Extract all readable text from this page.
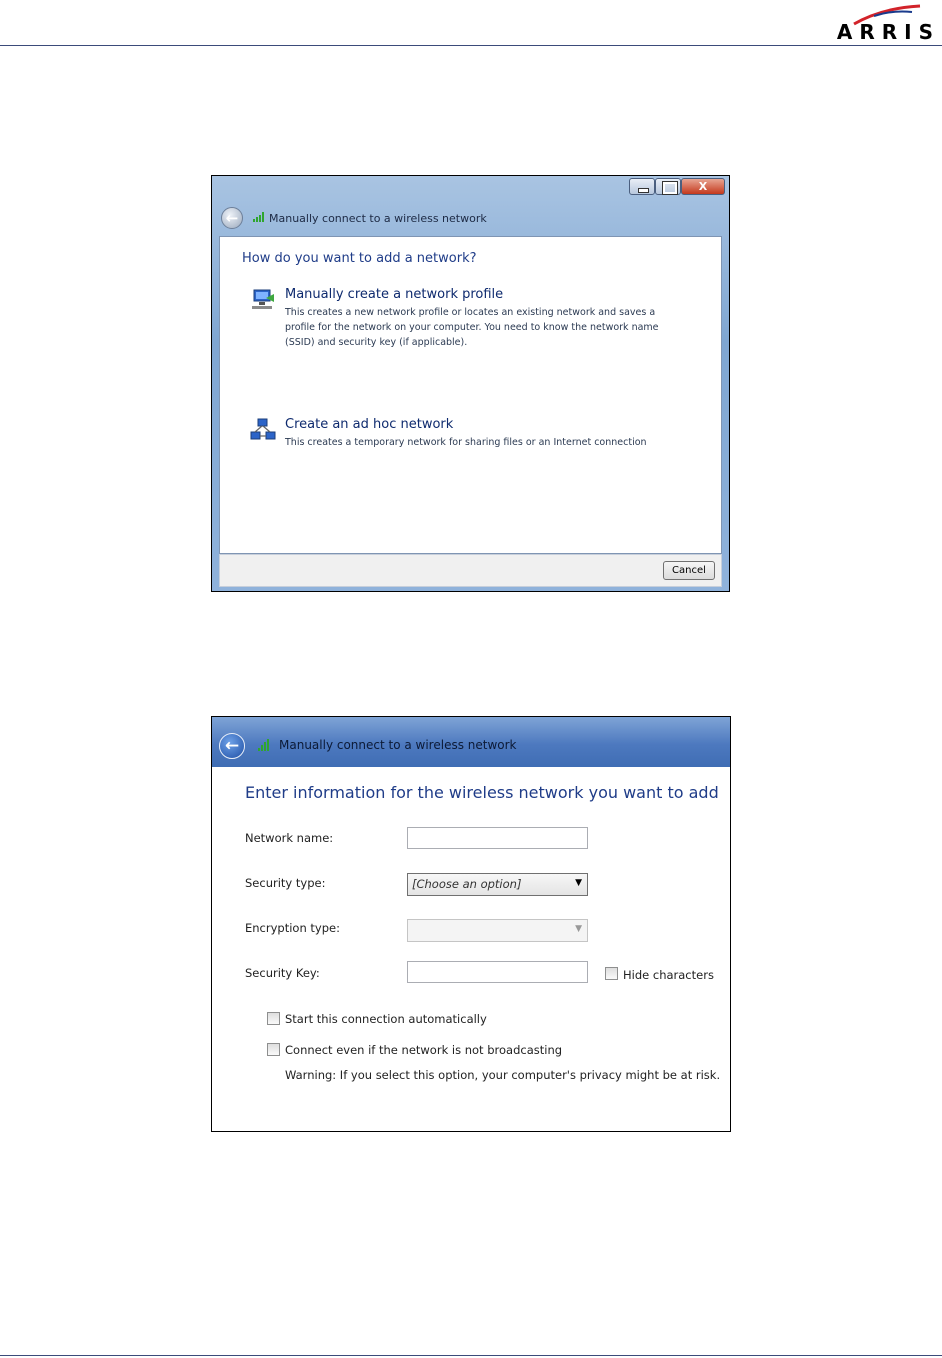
ARRIS
X
←	Manually connect to a wireless network
How do you want to add a network?
Manually create a network profile
This creates a new network profile or locates an existing network and saves a profile for the network on your computer. You need to know the network name (SSID) and security key (if applicable).
Create an ad hoc network
This creates a temporary network for sharing files or an Internet connection
Cancel
←	Manually connect to a wireless network
Enter information for the wireless network you want to add
Network name:
Security type:	[Choose an option]	▼
Encryption type:	▼
Security Key:	Hide characters
Start this connection automatically
Connect even if the network is not broadcasting
Warning: If you select this option, your computer's privacy might be at risk.
